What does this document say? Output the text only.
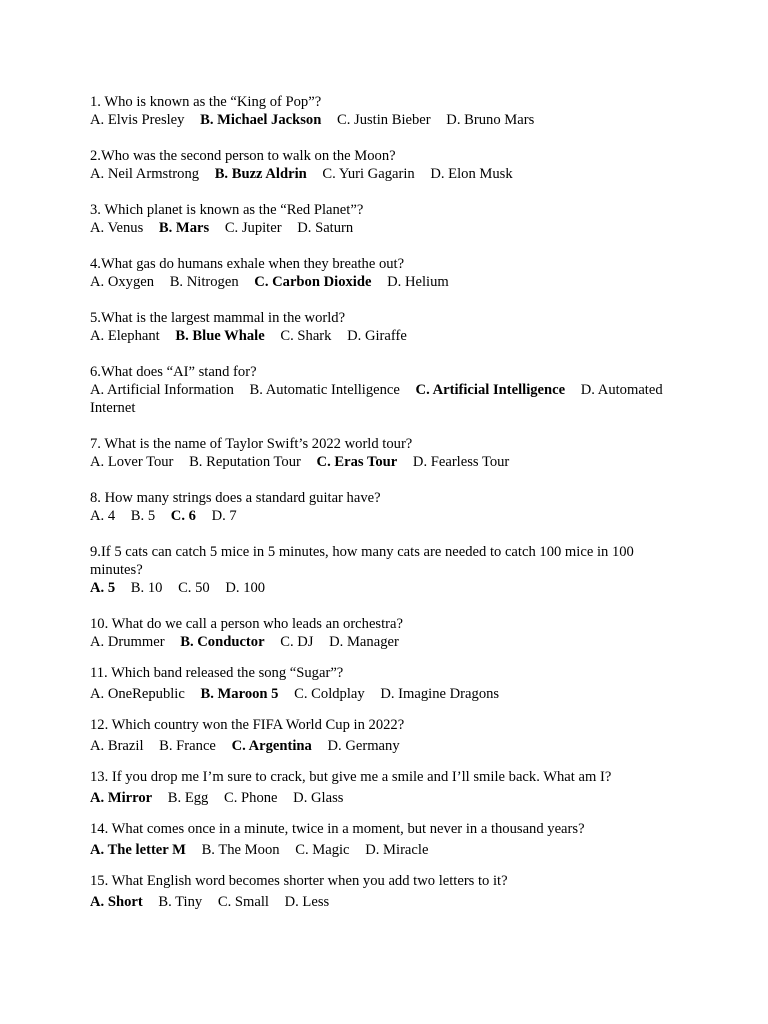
1. Who is known as the “King of Pop”?
A. Elvis Presley B. Michael Jackson C. Justin Bieber D. Bruno Mars
2.Who was the second person to walk on the Moon?
A. Neil Armstrong B. Buzz Aldrin C. Yuri Gagarin D. Elon Musk
3. Which planet is known as the “Red Planet”?
A. Venus B. Mars C. Jupiter D. Saturn
4.What gas do humans exhale when they breathe out?
A. Oxygen B. Nitrogen C. Carbon Dioxide D. Helium
5.What is the largest mammal in the world?
A. Elephant B. Blue Whale C. Shark D. Giraffe
6.What does “AI” stand for?
A. Artificial Information B. Automatic Intelligence C. Artificial Intelligence D. Automated Internet
7. What is the name of Taylor Swift’s 2022 world tour?
A. Lover Tour B. Reputation Tour C. Eras Tour D. Fearless Tour
8. How many strings does a standard guitar have?
A. 4 B. 5 C. 6 D. 7
9.If 5 cats can catch 5 mice in 5 minutes, how many cats are needed to catch 100 mice in 100 minutes?
A. 5 B. 10 C. 50 D. 100
10. What do we call a person who leads an orchestra?
A. Drummer B. Conductor C. DJ D. Manager
11. Which band released the song “Sugar”?
A. OneRepublic B. Maroon 5 C. Coldplay D. Imagine Dragons
12. Which country won the FIFA World Cup in 2022?
A. Brazil B. France C. Argentina D. Germany
13. If you drop me I’m sure to crack, but give me a smile and I’ll smile back. What am I?
A. Mirror B. Egg C. Phone D. Glass
14. What comes once in a minute, twice in a moment, but never in a thousand years?
A. The letter M B. The Moon C. Magic D. Miracle
15. What English word becomes shorter when you add two letters to it?
A. Short B. Tiny C. Small D. Less
